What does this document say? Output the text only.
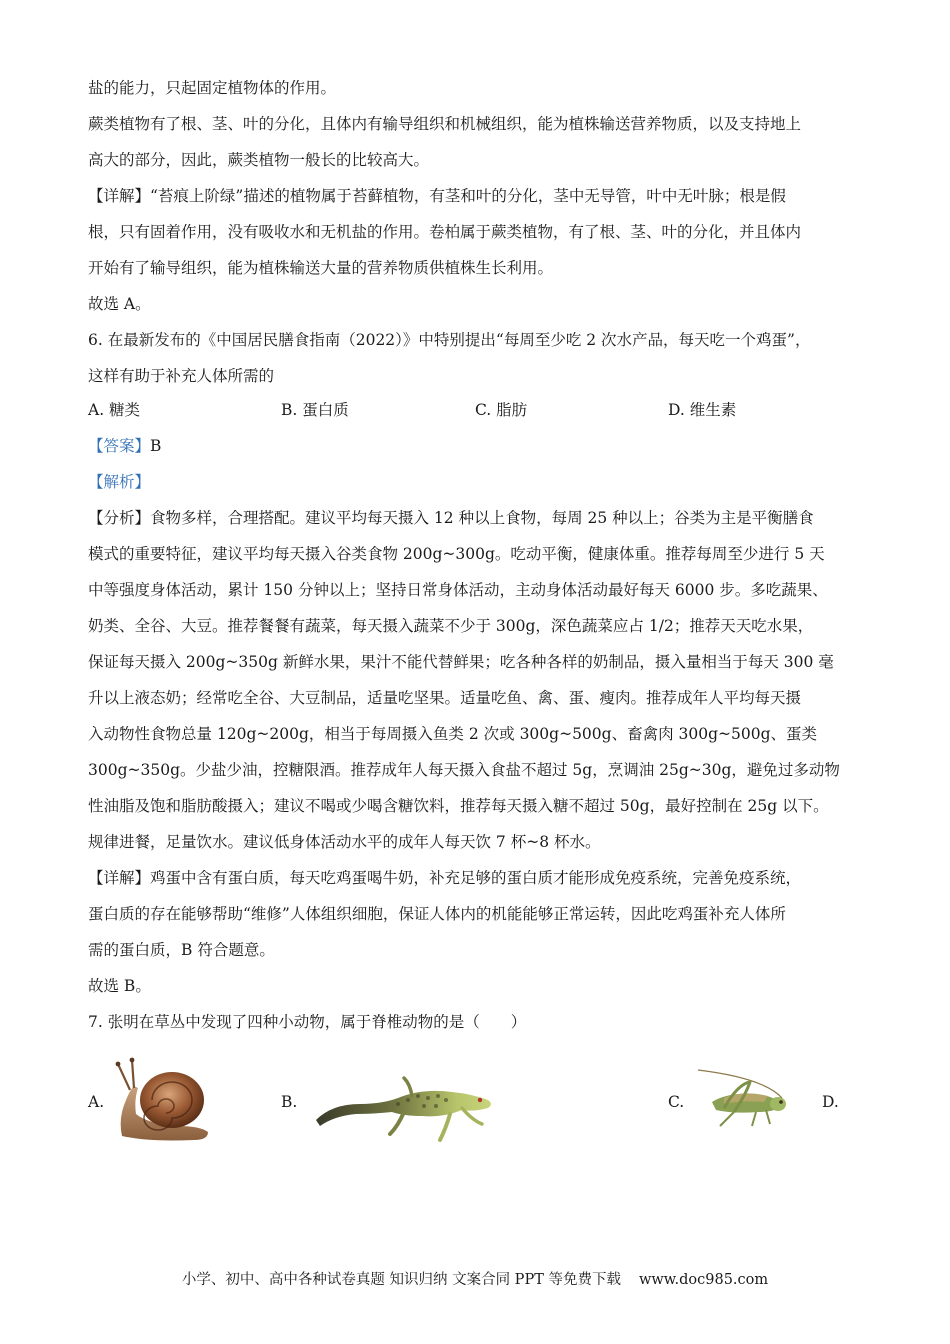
盐的能力，只起固定植物体的作用。
蕨类植物有了根、茎、叶的分化，且体内有输导组织和机械组织，能为植株输送营养物质，以及支持地上
高大的部分，因此，蕨类植物一般长的比较高大。
【详解】“苔痕上阶绿”描述的植物属于苔藓植物，有茎和叶的分化，茎中无导管，叶中无叶脉；根是假
根，只有固着作用，没有吸收水和无机盐的作用。卷柏属于蕨类植物，有了根、茎、叶的分化，并且体内
开始有了输导组织，能为植株输送大量的营养物质供植株生长利用。
故选 A。
6. 在最新发布的《中国居民膳食指南（2022）》中特别提出“每周至少吃 2 次水产品，每天吃一个鸡蛋”，
这样有助于补充人体所需的
A. 糖类	B. 蛋白质	C. 脂肪	D. 维生素
【答案】B
【解析】
【分析】食物多样，合理搭配。建议平均每天摄入 12 种以上食物，每周 25 种以上；谷类为主是平衡膳食
模式的重要特征，建议平均每天摄入谷类食物 200g~300g。吃动平衡，健康体重。推荐每周至少进行 5 天
中等强度身体活动，累计 150 分钟以上；坚持日常身体活动，主动身体活动最好每天 6000 步。多吃蔬果、
奶类、全谷、大豆。推荐餐餐有蔬菜，每天摄入蔬菜不少于 300g，深色蔬菜应占 1/2；推荐天天吃水果，
保证每天摄入 200g~350g 新鲜水果，果汁不能代替鲜果；吃各种各样的奶制品，摄入量相当于每天 300 毫
升以上液态奶；经常吃全谷、大豆制品，适量吃坚果。适量吃鱼、禽、蛋、瘦肉。推荐成年人平均每天摄
入动物性食物总量 120g~200g，相当于每周摄入鱼类 2 次或 300g~500g、畜禽肉 300g~500g、蛋类
300g~350g。少盐少油，控糖限酒。推荐成年人每天摄入食盐不超过 5g，烹调油 25g~30g，避免过多动物
性油脂及饱和脂肪酸摄入；建议不喝或少喝含糖饮料，推荐每天摄入糖不超过 50g，最好控制在 25g 以下。
规律进餐，足量饮水。建议低身体活动水平的成年人每天饮 7 杯~8 杯水。
【详解】鸡蛋中含有蛋白质，每天吃鸡蛋喝牛奶，补充足够的蛋白质才能形成免疫系统，完善免疫系统，
蛋白质的存在能够帮助“维修”人体组织细胞，保证人体内的机能能够正常运转，因此吃鸡蛋补充人体所
需的蛋白质，B 符合题意。
故选 B。
7. 张明在草丛中发现了四种小动物，属于脊椎动物的是（　　）
A.	B.	C.	D.
小学、初中、高中各种试卷真题 知识归纳 文案合同 PPT 等免费下载 www.doc985.com
